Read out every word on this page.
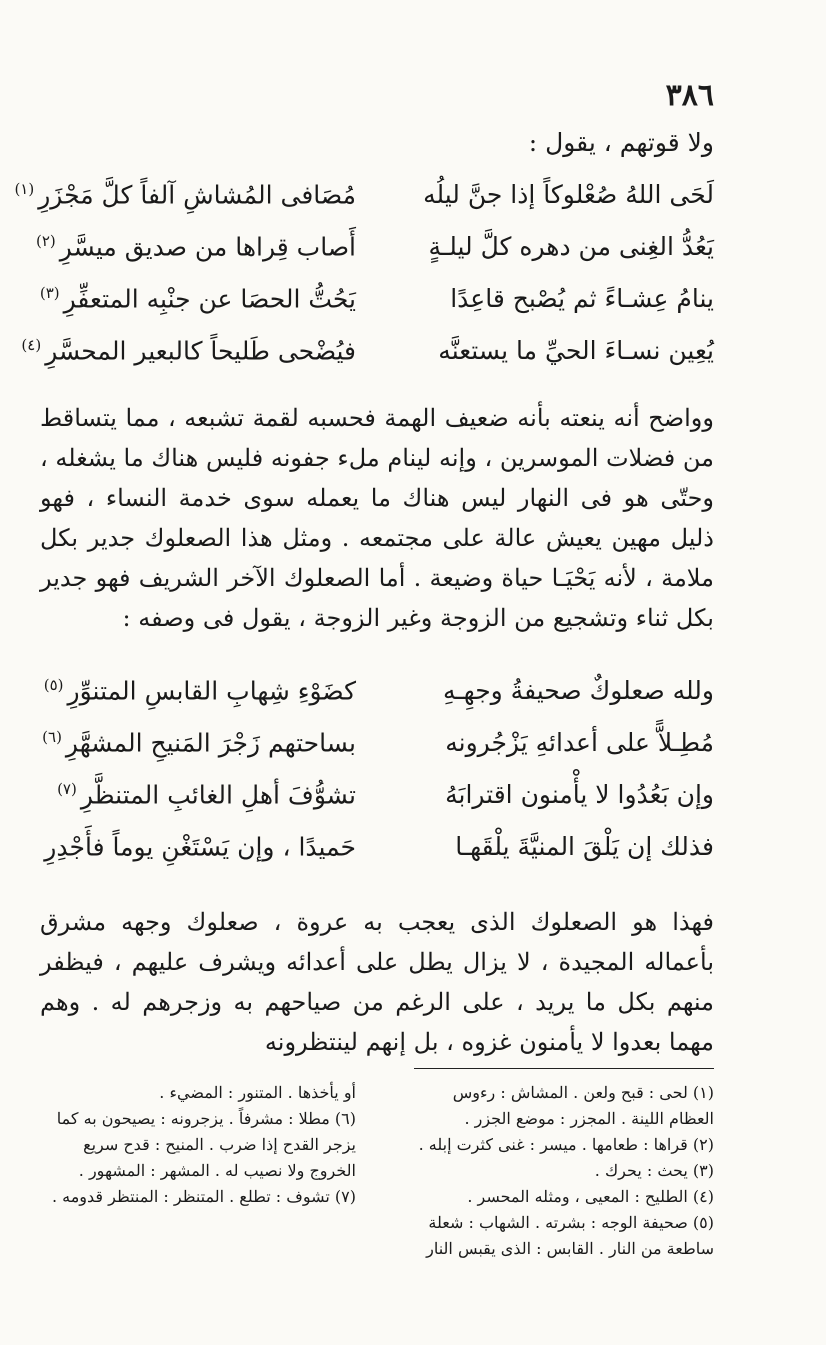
٣٨٦
ولا قوتهم ، يقول :
لَحَى اللهُ صُعْلوكاً إذا جنَّ ليلُه
مُصَافى المُشاشِ آلفاً كلَّ مَجْزَرِ$^{(١)}$
يَعُدُّ الغِنى من دهره كلَّ ليلـةٍ
أَصاب قِراها من صديق ميسَّرِ$^{(٢)}$
ينامُ عِشـاءً ثم يُصْبح قاعِدًا
يَحُتُّ الحصَا عن جنْبِه المتعفِّرِ$^{(٣)}$
يُعِين نسـاءَ الحيِّ ما يستعنَّه
فيُضْحى طَليحاً كالبعير المحسَّرِ$^{(٤)}$
وواضح أنه ينعته بأنه ضعيف الهمة فحسبه لقمة تشبعه ، مما يتساقط من فضلات الموسرين ، وإنه لينام ملء جفونه فليس هناك ما يشغله ، وحتّى هو فى النهار ليس هناك ما يعمله سوى خدمة النساء ، فهو ذليل مهين يعيش عالة على مجتمعه . ومثل هذا الصعلوك جدير بكل ملامة ، لأنه يَحْيَـا حياة وضيعة . أما الصعلوك الآخر الشريف فهو جدير بكل ثناء وتشجيع من الزوجة وغير الزوجة ، يقول فى وصفه :
ولله صعلوكٌ صحيفةُ وجهِـهِ
كضَوْءِ شِهابِ القابسِ المتنوِّرِ$^{(٥)}$
مُطِـلاًّ على أعدائهِ يَزْجُرونه
بساحتهم زَجْرَ المَنيحِ المشهَّرِ$^{(٦)}$
وإن بَعُدُوا لا يأْمنون اقترابَهُ
تشوُّفَ أهلِ الغائبِ المتنظَّرِ$^{(٧)}$
فذلك إن يَلْقَ المنيَّةَ يلْقَهـا
حَميدًا ، وإن يَسْتَغْنِ يوماً فأَجْدِرِ
فهذا هو الصعلوك الذى يعجب به عروة ، صعلوك وجهه مشرق بأعماله المجيدة ، لا يزال يطل على أعدائه ويشرف عليهم ، فيظفر منهم بكل ما يريد ، على الرغم من صياحهم به وزجرهم له . وهم مهما بعدوا لا يأمنون غزوه ، بل إنهم لينتظرونه

(١) لحى : قبح ولعن . المشاش : رءوس العظام اللينة . المجزر : موضع الجزر .

(٢) قراها : طعامها . ميسر : غنى كثرت إبله .

(٣) يحث : يحرك .

(٤) الطليح : المعيى ، ومثله المحسر .

(٥) صحيفة الوجه : بشرته . الشهاب : شعلة ساطعة من النار . القابس : الذى يقبس النار

أو يأخذها . المتنور : المضيء .

(٦) مطلا : مشرفاً . يزجرونه : يصيحون به كما يزجر القدح إذا ضرب . المنيح : قدح سريع الخروج ولا نصيب له . المشهر : المشهور .

(٧) تشوف : تطلع . المتنظر : المنتظر قدومه .
